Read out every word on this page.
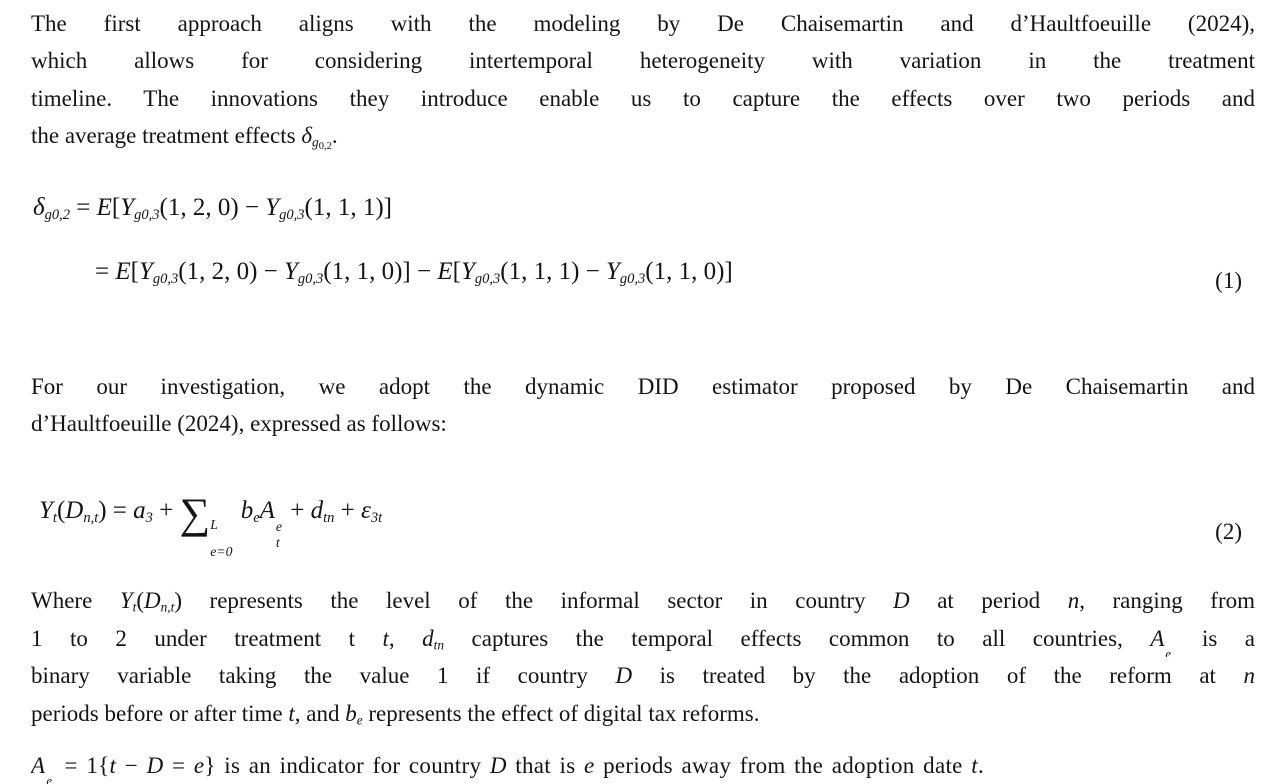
The first approach aligns with the modeling by De Chaisemartin and d’Haultfoeuille (2024),
which allows for considering intertemporal heterogeneity with variation in the treatment
timeline. The innovations they introduce enable us to capture the effects over two periods and
the average treatment effects $\delta_{g0,2}$.
$\delta_{g0,2} = E[Y_{g0,3}(1$, 2, $0) - Y_{g0,3}(1$, 1, 1)]
= $E[Y_{g0,3}(1$, 2, $0) - Y_{g0,3}(1$, 1, $0)] - E[Y_{g0,3}(1$, 1, $1) - Y_{g0,3}(1$, 1, 0)]	(1)
For our investigation, we adopt the dynamic DID estimator proposed by De Chaisemartin and
d’Haultfoeuille (2024), expressed as follows:
$Y_t(D_{n,t}) = a_3$ + ∑ L
e=0
$b_eA$
e
t
+ $d_{tn} + \varepsilon_{3t}$
(2)
Where $Y_t(D_{n,t})$ represents the level of the informal sector in country D at period n, ranging from
1 to 2 under treatment t t, $d_{tn}$ captures the temporal effects common to all countries, A
e
is a
binary variable taking the value 1 if country D is treated by the adoption of the reform at n
periods before or after time t, and $b_e$ represents the effect of digital tax reforms.
A
e
= 1{t − D = e} is an indicator for country D that is e periods away from the adoption date t.
